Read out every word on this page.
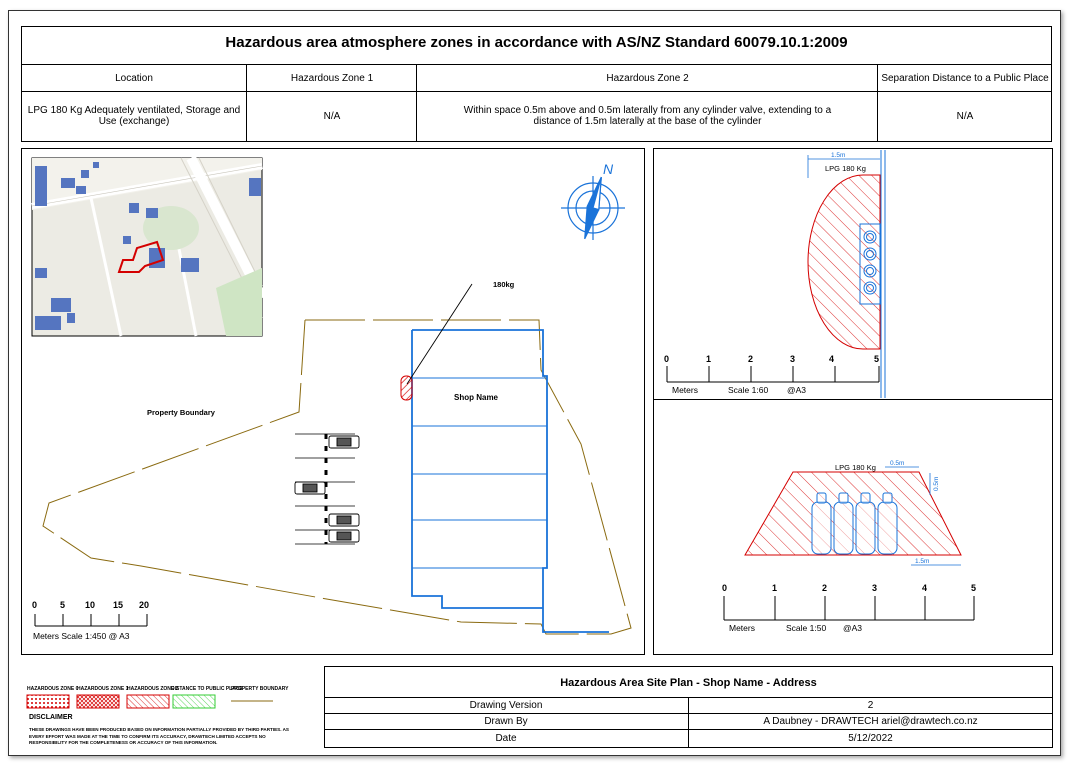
Hazardous area atmosphere zones in accordance with AS/NZ Standard 60079.10.1:2009
Location	Hazardous Zone 1	Hazardous Zone 2	Separation Distance to a Public Place
LPG 180 Kg Adequately ventilated, Storage and Use (exchange)	N/A	Within space 0.5m above and 0.5m laterally from any cylinder valve, extending to a distance of 1.5m laterally at the base of the cylinder	N/A
N
Property Boundary
Shop Name
180kg
0	5 10 15 20
Meters Scale 1:450 @ A3
1.5m
LPG 180 Kg
0	1	2	3	4	5
Meters	Scale 1:60 @A3
LPG 180 Kg 0.5m
0.5m
1.5m
0	1	2	3	4	5
Meters	Scale 1:50 @A3
HAZARDOUS ZONE 0
HAZARDOUS ZONE 1
HAZARDOUS ZONE 2
DISTANCE TO PUBLIC PLACE
PROPERTY BOUNDARY
DISCLAIMER
THESE DRAWINGS HAVE BEEN PRODUCED BASED ON INFORMATION PARTIALLY PROVIDED BY THIRD PARTIES. AS EVERY EFFORT WAS MADE AT THE TIME TO CONFIRM ITS ACCURACY, DRAWTECH LIMITED ACCEPTS NO RESPONSIBILITY FOR THE COMPLETENESS OR ACCURACY OF THIS INFORMATION.
Hazardous Area Site Plan - Shop Name - Address
Drawing Version	2
Drawn By	A Daubney - DRAWTECH ariel@drawtech.co.nz
Date	5/12/2022
